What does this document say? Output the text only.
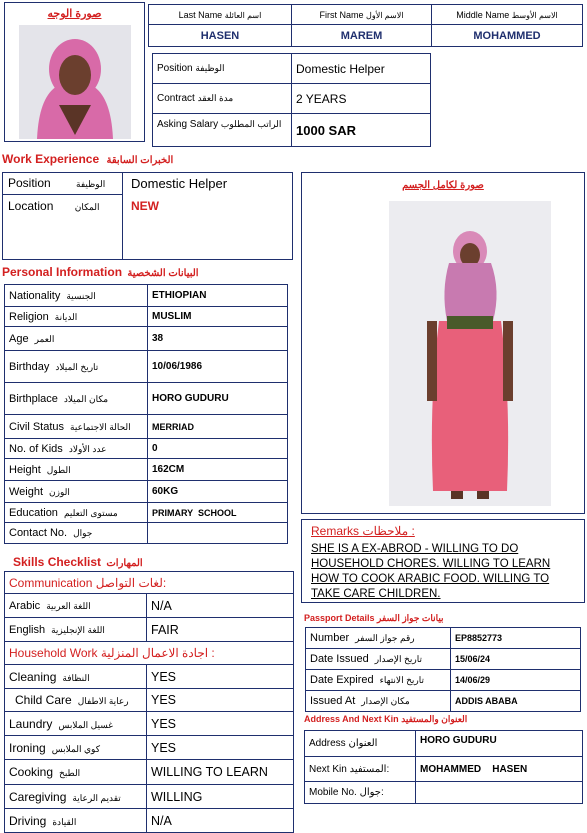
صورة الوجه	Last Name اسم العائلة	First Name الاسم الأول	Middle Name الاسم الأوسط
HASEN	MAREM	MOHAMMED
Position الوظيفة	Domestic Helper
Contract مدة العقد	2 YEARS
Asking Salary الراتب المطلوب	1000 SAR
Work Experience الخبرات السابقة
Position	الوظيفة Domestic Helper
Location المكان	NEW
صورة لكامل الجسم
Personal Information البيانات الشخصية
Nationality الجنسية	ETHIOPIAN
Religion الديانة	MUSLIM
Age العمر	38
Birthday تاريخ الميلاد	10/06/1986
Birthplace مكان الميلاد	HORO GUDURU
Civil Status الحالة الاجتماعية	MERRIAD
No. of Kids عدد الأولاد	0
Height الطول	162CM
Weight الوزن	60KG
Education مستوى التعليم	PRIMARY  SCHOOL
Contact No. جوال		Remarks ملاحظات :
SHE IS A EX-ABROD - WILLING TO DO HOUSEHOLD CHORES. WILLING TO LEARN HOW TO COOK ARABIC FOOD. WILLING TO TAKE CARE CHILDREN.
Skills Checklist المهارات
Communication لغات التواصل:	
Arabic اللغة العربية	N/A
English اللغة الإنجليزية	FAIR
Household Work اجادة الاعمال المنزلية :	
Cleaning النظافة	YES
Child Care رعاية الاطفال	YES
Laundry غسيل الملابس	YES
Ironing كوي الملابس	YES
Cooking الطبخ	WILLING TO LEARN
Caregiving تقديم الرعاية	WILLING
Driving القيادة	N/A
Passport Details بيانات جواز السفر
Number رقم جواز السفر	EP8852773
Date Issued تاريخ الإصدار	15/06/24
Date Expired تاريخ الانتهاء	14/06/29
Issued At مكان الإصدار	ADDIS ABABA
Address And Next Kin العنوان والمستفيد
Address العنوان	HORO GUDURU
Next Kin المستفيد:	MOHAMMED    HASEN
Mobile No. جوال:	
